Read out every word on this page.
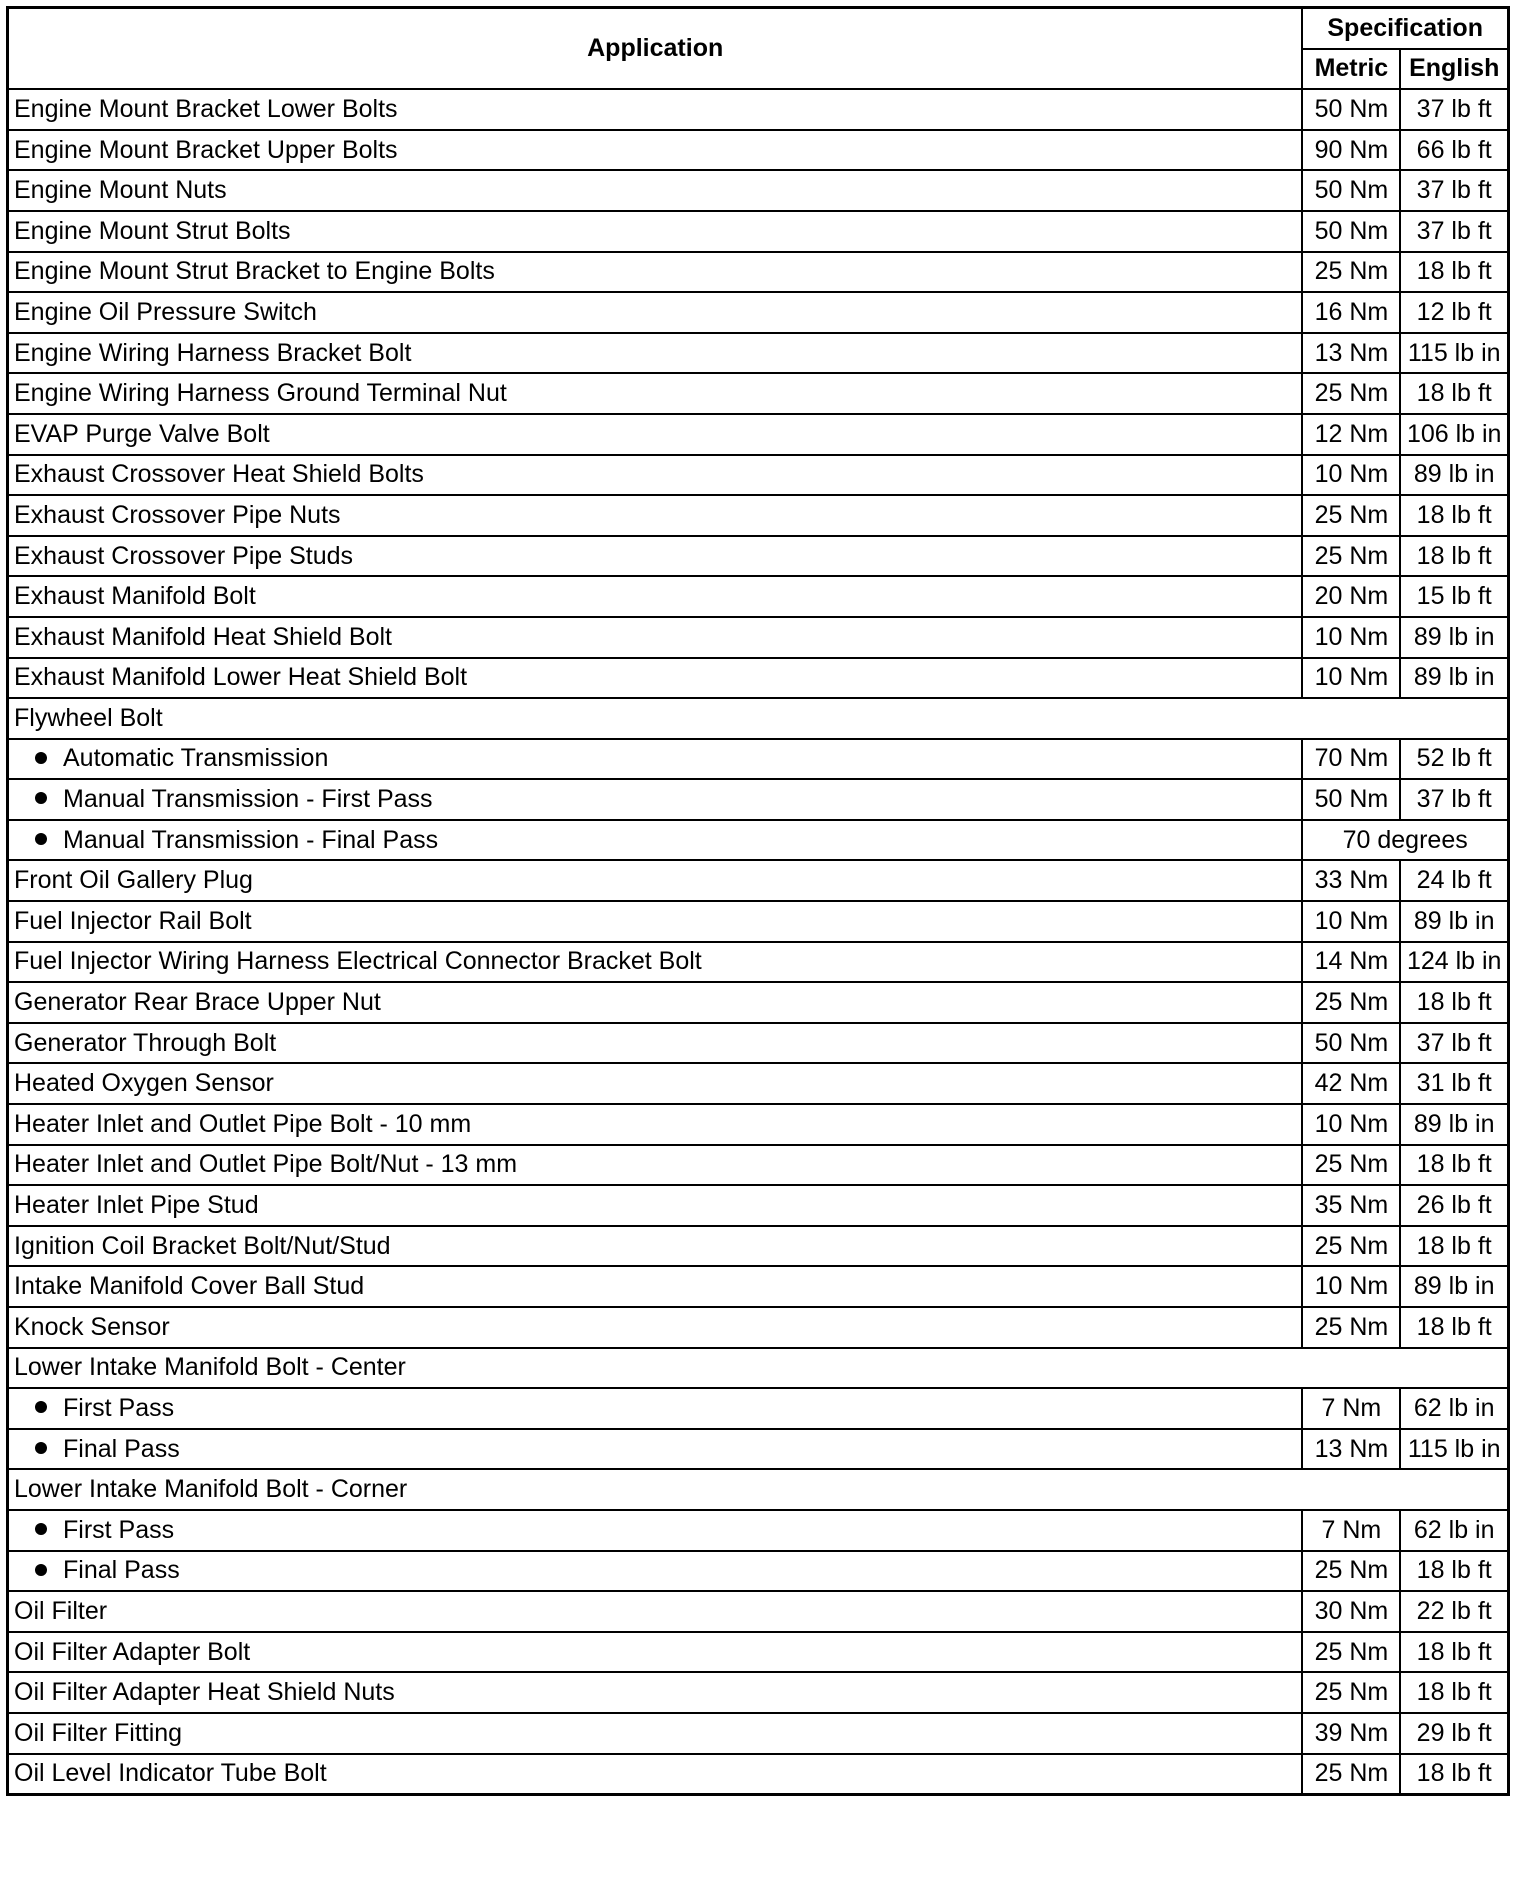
Application	Specification	
	Metric	English
Engine Mount Bracket Lower Bolts	50 Nm	37 lb ft
Engine Mount Bracket Upper Bolts	90 Nm	66 lb ft
Engine Mount Nuts	50 Nm	37 lb ft
Engine Mount Strut Bolts	50 Nm	37 lb ft
Engine Mount Strut Bracket to Engine Bolts	25 Nm	18 lb ft
Engine Oil Pressure Switch	16 Nm	12 lb ft
Engine Wiring Harness Bracket Bolt	13 Nm	115 lb in
Engine Wiring Harness Ground Terminal Nut	25 Nm	18 lb ft
EVAP Purge Valve Bolt	12 Nm	106 lb in
Exhaust Crossover Heat Shield Bolts	10 Nm	89 lb in
Exhaust Crossover Pipe Nuts	25 Nm	18 lb ft
Exhaust Crossover Pipe Studs	25 Nm	18 lb ft
Exhaust Manifold Bolt	20 Nm	15 lb ft
Exhaust Manifold Heat Shield Bolt	10 Nm	89 lb in
Exhaust Manifold Lower Heat Shield Bolt	10 Nm	89 lb in
Flywheel Bolt		
Automatic Transmission	70 Nm	52 lb ft
Manual Transmission - First Pass	50 Nm	37 lb ft
Manual Transmission - Final Pass	70 degrees	
Front Oil Gallery Plug	33 Nm	24 lb ft
Fuel Injector Rail Bolt	10 Nm	89 lb in
Fuel Injector Wiring Harness Electrical Connector Bracket Bolt	14 Nm	124 lb in
Generator Rear Brace Upper Nut	25 Nm	18 lb ft
Generator Through Bolt	50 Nm	37 lb ft
Heated Oxygen Sensor	42 Nm	31 lb ft
Heater Inlet and Outlet Pipe Bolt - 10 mm	10 Nm	89 lb in
Heater Inlet and Outlet Pipe Bolt/Nut - 13 mm	25 Nm	18 lb ft
Heater Inlet Pipe Stud	35 Nm	26 lb ft
Ignition Coil Bracket Bolt/Nut/Stud	25 Nm	18 lb ft
Intake Manifold Cover Ball Stud	10 Nm	89 lb in
Knock Sensor	25 Nm	18 lb ft
Lower Intake Manifold Bolt - Center		
First Pass	7 Nm	62 lb in
Final Pass	13 Nm	115 lb in
Lower Intake Manifold Bolt - Corner		
First Pass	7 Nm	62 lb in
Final Pass	25 Nm	18 lb ft
Oil Filter	30 Nm	22 lb ft
Oil Filter Adapter Bolt	25 Nm	18 lb ft
Oil Filter Adapter Heat Shield Nuts	25 Nm	18 lb ft
Oil Filter Fitting	39 Nm	29 lb ft
Oil Level Indicator Tube Bolt	25 Nm	18 lb ft
